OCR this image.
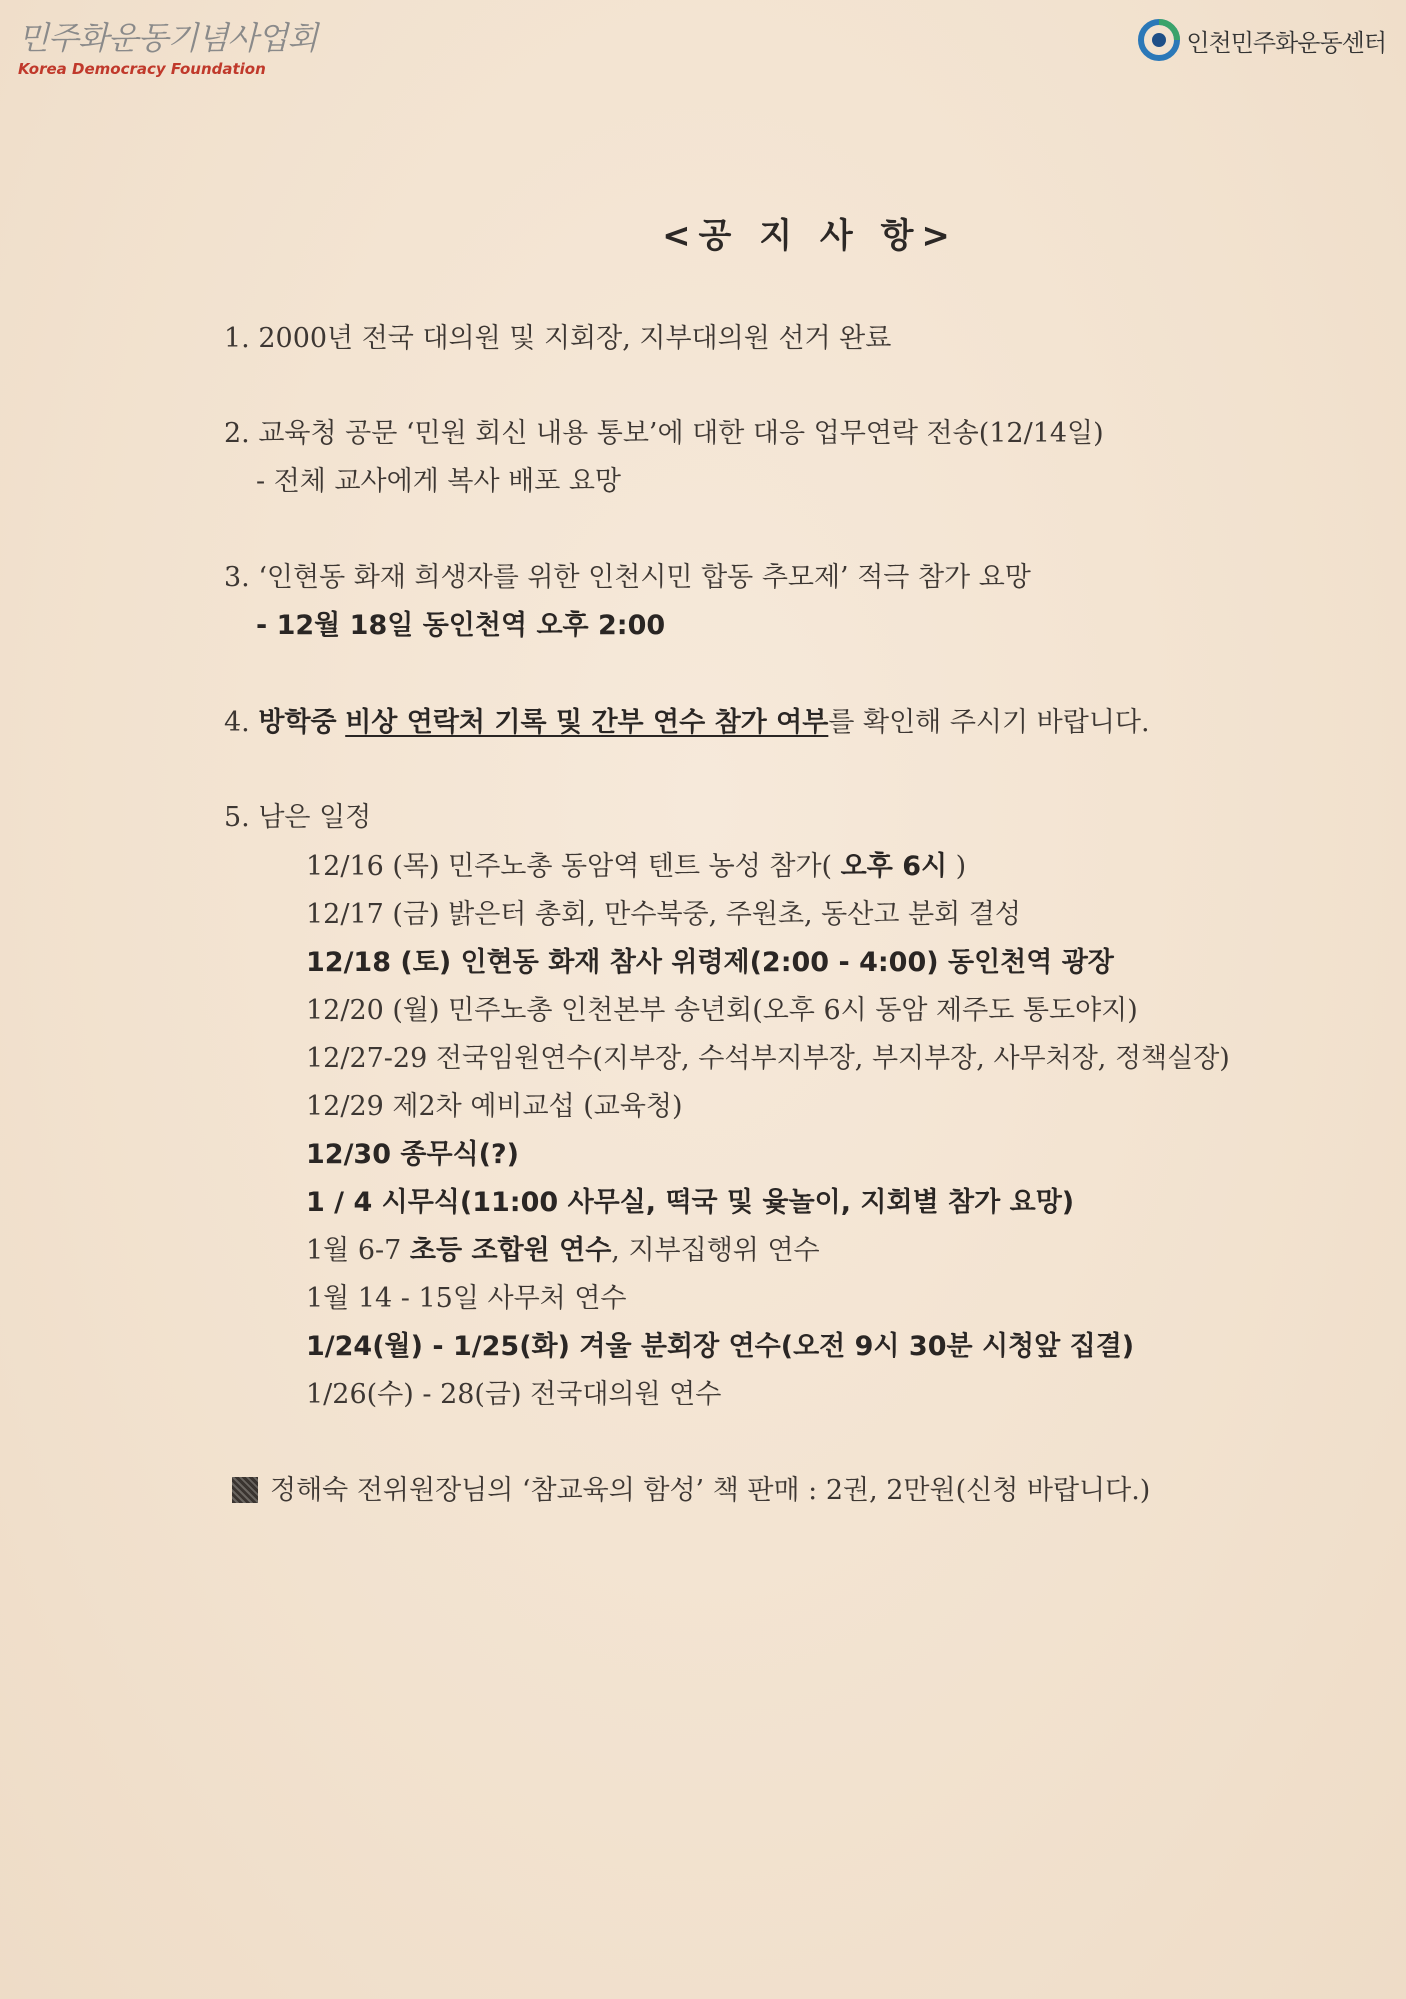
민주화운동기념사업회
Korea Democracy Foundation
인천민주화운동센터
<공 지 사 항>
1. 2000년 전국 대의원 및 지회장, 지부대의원 선거 완료
2. 교육청 공문 ‘민원 회신 내용 통보’에 대한 대응 업무연락 전송(12/14일)
- 전체 교사에게 복사 배포 요망
3. ‘인현동 화재 희생자를 위한 인천시민 합동 추모제’ 적극 참가 요망
- 12월 18일 동인천역 오후 2:00
4. 방학중 비상 연락처 기록 및 간부 연수 참가 여부를 확인해 주시기 바랍니다.
5. 남은 일정
12/16 (목) 민주노총 동암역 텐트 농성 참가( 오후 6시 )
12/17 (금) 밝은터 총회, 만수북중, 주원초, 동산고 분회 결성
12/18 (토) 인현동 화재 참사 위령제(2:00 - 4:00) 동인천역 광장
12/20 (월) 민주노총 인천본부 송년회(오후 6시 동암 제주도 통도야지)
12/27-29 전국임원연수(지부장, 수석부지부장, 부지부장, 사무처장, 정책실장)
12/29 제2차 예비교섭 (교육청)
12/30 종무식(?)
1 / 4 시무식(11:00 사무실, 떡국 및 윷놀이, 지회별 참가 요망)
1월 6-7 초등 조합원 연수, 지부집행위 연수
1월 14 - 15일 사무처 연수
1/24(월) - 1/25(화) 겨울 분회장 연수(오전 9시 30분 시청앞 집결)
1/26(수) - 28(금) 전국대의원 연수
정해숙 전위원장님의 ‘참교육의 함성’ 책 판매 : 2권, 2만원(신청 바랍니다.)
